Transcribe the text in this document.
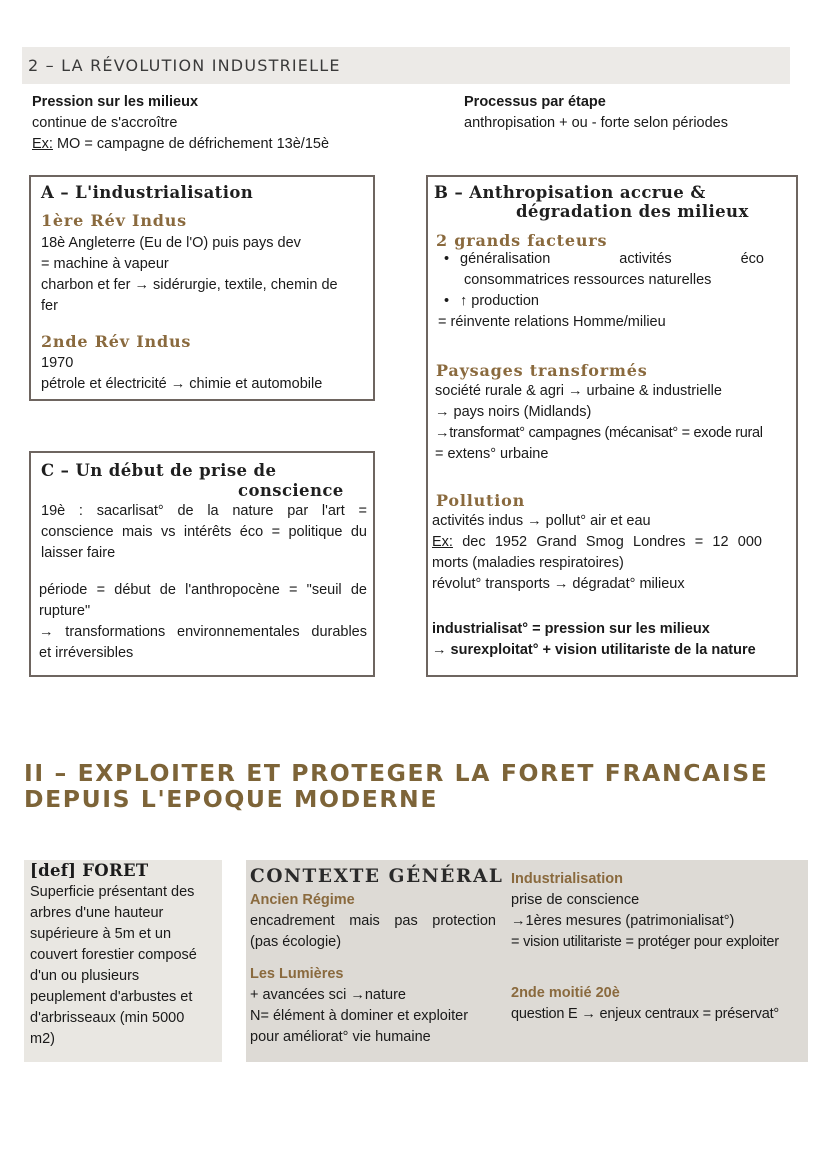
2 – LA RÉVOLUTION INDUSTRIELLE
Pression sur les milieux
continue de s'accroître
Ex: MO = campagne de défrichement 13è/15è
Processus par étape
anthropisation + ou - forte selon périodes
A – L'industrialisation
1ère Rév Indus
18è Angleterre (Eu de l'O) puis pays dev
= machine à vapeur
charbon et fer → sidérurgie, textile, chemin de
fer
2nde Rév Indus
1970
pétrole et électricité → chimie et automobile
C – Un début de prise de
conscience
19è : sacarlisat° de la nature par l'art =
conscience mais vs intérêts éco = politique du
laisser faire
période = début de l'anthropocène = "seuil de
rupture"
→ transformations environnementales durables
et irréversibles
B – Anthropisation accrue &
dégradation des milieux
2 grands facteurs
• généralisation activités éco
consommatrices ressources naturelles
• ↑ production
= réinvente relations Homme/milieu
Paysages transformés
société rurale & agri → urbaine & industrielle
→ pays noirs (Midlands)
→transformat° campagnes (mécanisat° = exode rural
= extens° urbaine
Pollution
activités indus → pollut° air et eau
Ex: dec 1952 Grand Smog Londres = 12 000
morts (maladies respiratoires)
révolut° transports → dégradat° milieux
industrialisat° = pression sur les milieux
→ surexploitat° + vision utilitariste de la nature
II – EXPLOITER ET PROTEGER LA FORET FRANCAISE
DEPUIS L'EPOQUE MODERNE
[def] FORET
Superficie présentant des
arbres d'une hauteur
supérieure à 5m et un
couvert forestier composé
d'un ou plusieurs
peuplement d'arbustes et
d'arbrisseaux (min 5000
m2)
CONTEXTE GÉNÉRAL
Ancien Régime
encadrement mais pas protection
(pas écologie)
Les Lumières
+ avancées sci →nature
N= élément à dominer et exploiter
pour améliorat° vie humaine
Industrialisation
prise de conscience
→1ères mesures (patrimonialisat°)
= vision utilitariste = protéger pour exploiter
2nde moitié 20è
question E → enjeux centraux = préservat°
